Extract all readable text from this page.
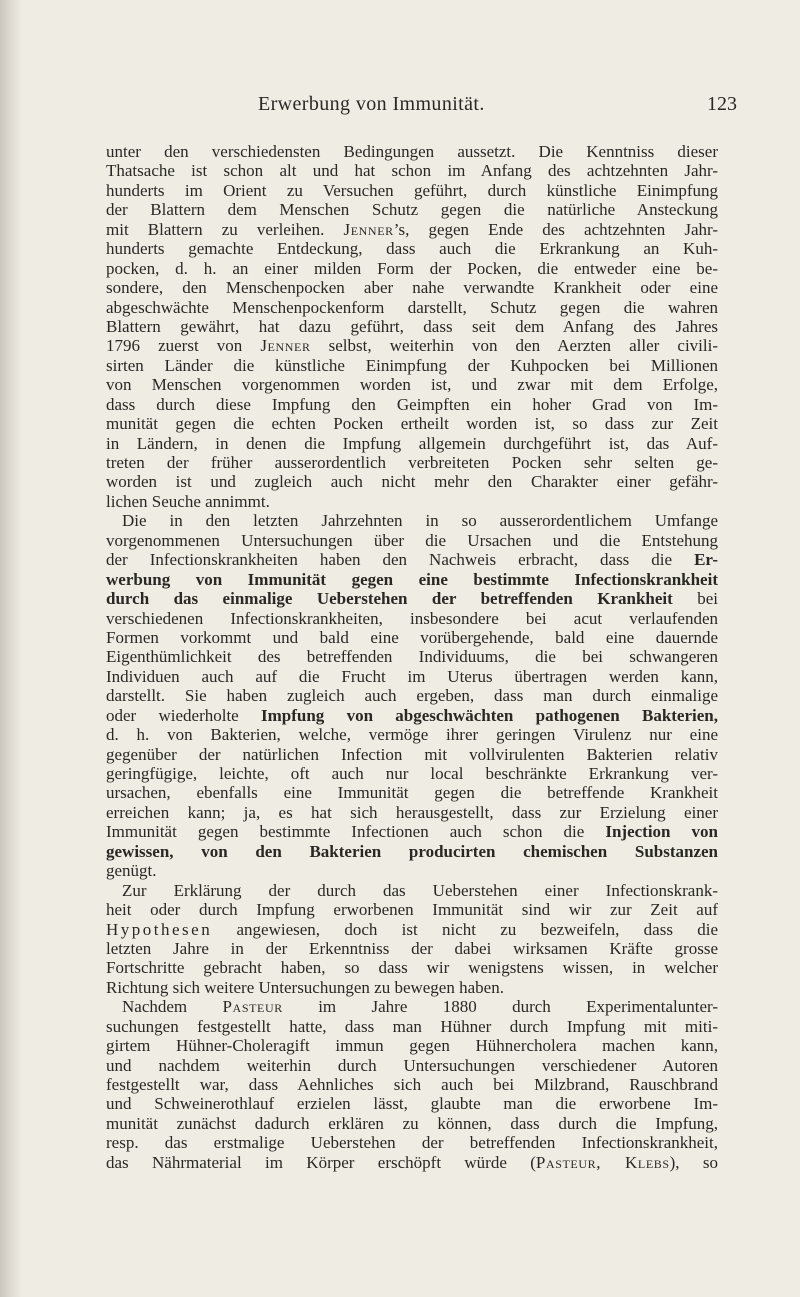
Erwerbung von Immunität.	123
unter den verschiedensten Bedingungen aussetzt. Die Kenntniss dieser
Thatsache ist schon alt und hat schon im Anfang des achtzehnten Jahr-
hunderts im Orient zu Versuchen geführt, durch künstliche Einimpfung
der Blattern dem Menschen Schutz gegen die natürliche Ansteckung
mit Blattern zu verleihen. Jenner’s, gegen Ende des achtzehnten Jahr-
hunderts gemachte Entdeckung, dass auch die Erkrankung an Kuh-
pocken, d. h. an einer milden Form der Pocken, die entweder eine be-
sondere, den Menschenpocken aber nahe verwandte Krankheit oder eine
abgeschwächte Menschenpockenform darstellt, Schutz gegen die wahren
Blattern gewährt, hat dazu geführt, dass seit dem Anfang des Jahres
1796 zuerst von Jenner selbst, weiterhin von den Aerzten aller civili-
sirten Länder die künstliche Einimpfung der Kuhpocken bei Millionen
von Menschen vorgenommen worden ist, und zwar mit dem Erfolge,
dass durch diese Impfung den Geimpften ein hoher Grad von Im-
munität gegen die echten Pocken ertheilt worden ist, so dass zur Zeit
in Ländern, in denen die Impfung allgemein durchgeführt ist, das Auf-
treten der früher ausserordentlich verbreiteten Pocken sehr selten ge-
worden ist und zugleich auch nicht mehr den Charakter einer gefähr-
lichen Seuche annimmt.
Die in den letzten Jahrzehnten in so ausserordentlichem Umfange
vorgenommenen Untersuchungen über die Ursachen und die Entstehung
der Infectionskrankheiten haben den Nachweis erbracht, dass die Er-
werbung von Immunität gegen eine bestimmte Infectionskrankheit
durch das einmalige Ueberstehen der betreffenden Krankheit bei
verschiedenen Infectionskrankheiten, insbesondere bei acut verlaufenden
Formen vorkommt und bald eine vorübergehende, bald eine dauernde
Eigenthümlichkeit des betreffenden Individuums, die bei schwangeren
Individuen auch auf die Frucht im Uterus übertragen werden kann,
darstellt. Sie haben zugleich auch ergeben, dass man durch einmalige
oder wiederholte Impfung von abgeschwächten pathogenen Bakterien,
d. h. von Bakterien, welche, vermöge ihrer geringen Virulenz nur eine
gegenüber der natürlichen Infection mit vollvirulenten Bakterien relativ
geringfügige, leichte, oft auch nur local beschränkte Erkrankung ver-
ursachen, ebenfalls eine Immunität gegen die betreffende Krankheit
erreichen kann; ja, es hat sich herausgestellt, dass zur Erzielung einer
Immunität gegen bestimmte Infectionen auch schon die Injection von
gewissen, von den Bakterien producirten chemischen Substanzen
genügt.
Zur Erklärung der durch das Ueberstehen einer Infectionskrank-
heit oder durch Impfung erworbenen Immunität sind wir zur Zeit auf
Hypothesen angewiesen, doch ist nicht zu bezweifeln, dass die
letzten Jahre in der Erkenntniss der dabei wirksamen Kräfte grosse
Fortschritte gebracht haben, so dass wir wenigstens wissen, in welcher
Richtung sich weitere Untersuchungen zu bewegen haben.
Nachdem Pasteur im Jahre 1880 durch Experimentalunter-
suchungen festgestellt hatte, dass man Hühner durch Impfung mit miti-
girtem Hühner-Choleragift immun gegen Hühnercholera machen kann,
und nachdem weiterhin durch Untersuchungen verschiedener Autoren
festgestellt war, dass Aehnliches sich auch bei Milzbrand, Rauschbrand
und Schweinerothlauf erzielen lässt, glaubte man die erworbene Im-
munität zunächst dadurch erklären zu können, dass durch die Impfung,
resp. das erstmalige Ueberstehen der betreffenden Infectionskrankheit,
das Nährmaterial im Körper erschöpft würde (Pasteur, Klebs), so
